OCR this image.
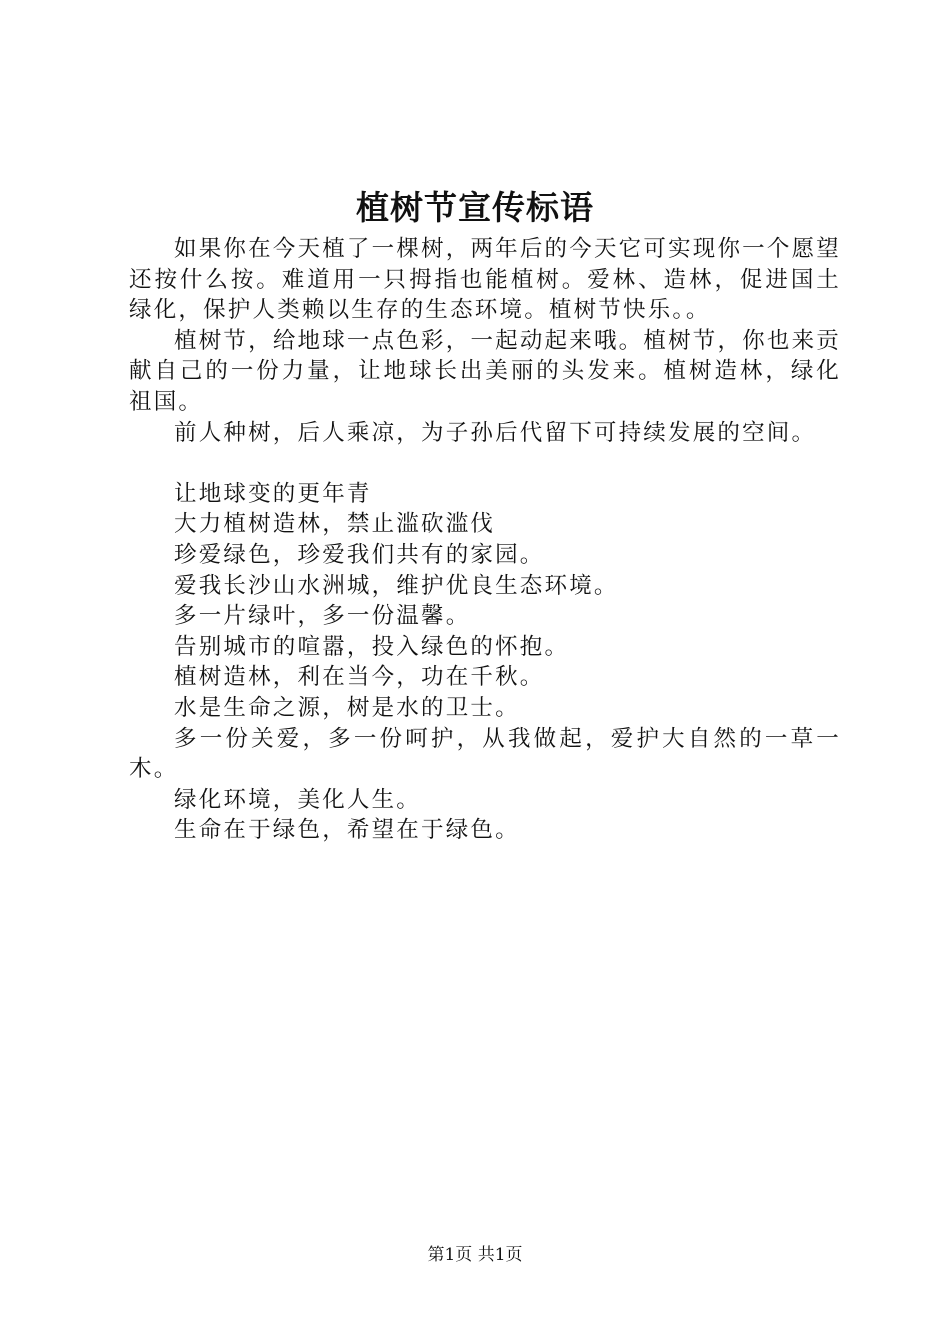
植树节宣传标语

如果你在今天植了一棵树，两年后的今天它可实现你一个愿望还按什么按。难道用一只拇指也能植树。爱林、造林，促进国土绿化，保护人类赖以生存的生态环境。植树节快乐。。

植树节，给地球一点色彩，一起动起来哦。植树节，你也来贡献自己的一份力量，让地球长出美丽的头发来。植树造林，绿化祖国。

前人种树，后人乘凉，为子孙后代留下可持续发展的空间。

让地球变的更年青

大力植树造林，禁止滥砍滥伐

珍爱绿色，珍爱我们共有的家园。

爱我长沙山水洲城，维护优良生态环境。

多一片绿叶，多一份温馨。

告别城市的喧嚣，投入绿色的怀抱。

植树造林，利在当今，功在千秋。

水是生命之源，树是水的卫士。

多一份关爱，多一份呵护，从我做起，爱护大自然的一草一木。

绿化环境，美化人生。

生命在于绿色，希望在于绿色。

第1页 共1页
